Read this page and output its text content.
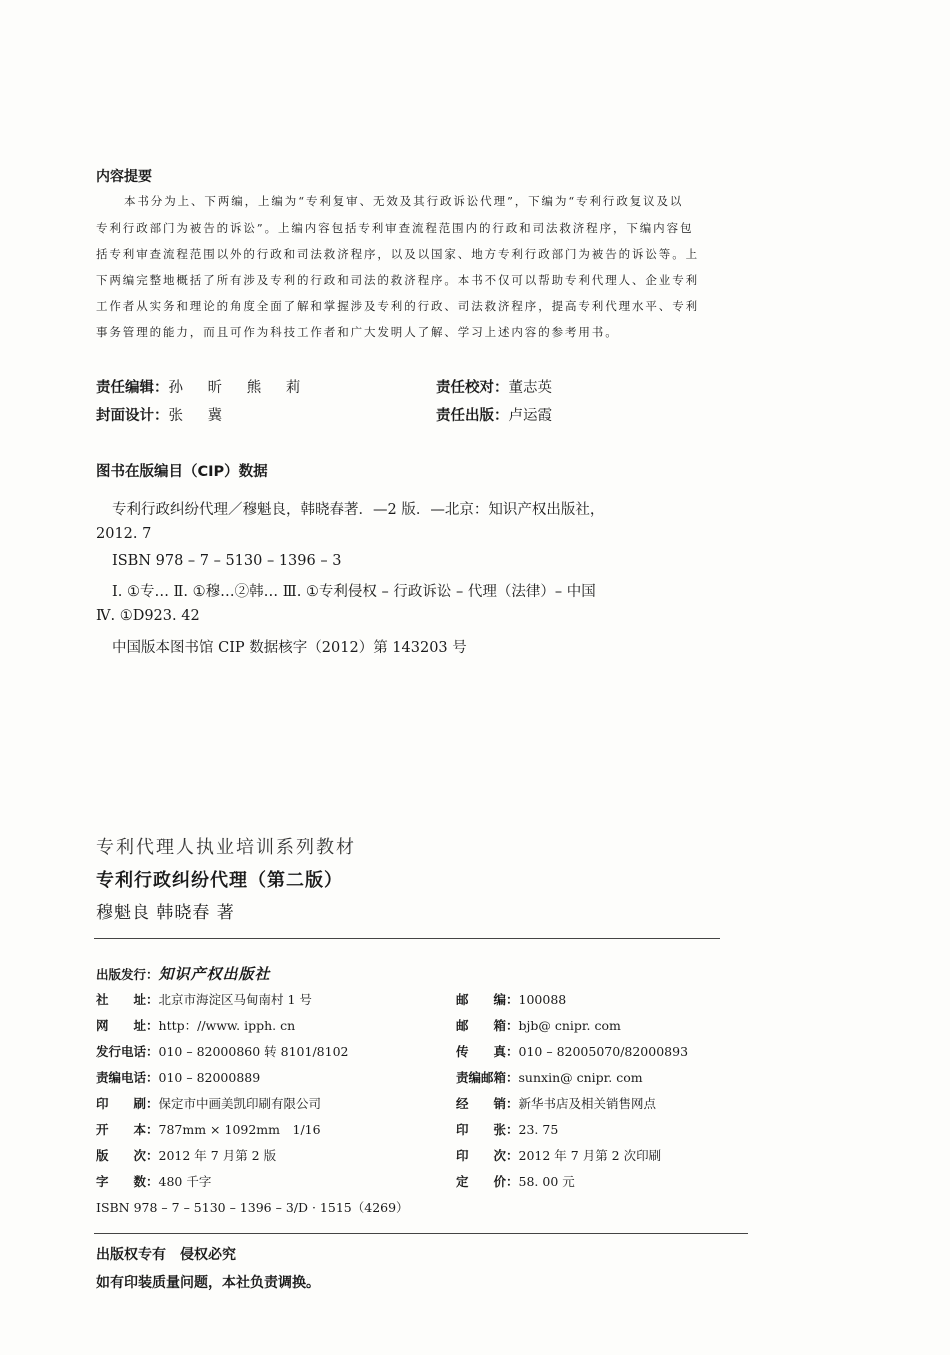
内容提要
本书分为上、下两编，上编为“专利复审、无效及其行政诉讼代理”，下编为“专利行政复议及以
专利行政部门为被告的诉讼”。上编内容包括专利审查流程范围内的行政和司法救济程序，下编内容包
括专利审查流程范围以外的行政和司法救济程序，以及以国家、地方专利行政部门为被告的诉讼等。上
下两编完整地概括了所有涉及专利的行政和司法的救济程序。本书不仅可以帮助专利代理人、企业专利
工作者从实务和理论的角度全面了解和掌握涉及专利的行政、司法救济程序，提高专利代理水平、专利
事务管理的能力，而且可作为科技工作者和广大发明人了解、学习上述内容的参考用书。
责任编辑：孙 昕 熊 莉	责任校对：董志英
封面设计：张 冀	责任出版：卢运霞
图书在版编目（CIP）数据
专利行政纠纷代理／穆魁良，韩晓春著．—2 版．—北京：知识产权出版社，
2012. 7
ISBN 978 – 7 – 5130 – 1396 – 3
Ⅰ. ①专… Ⅱ. ①穆…②韩… Ⅲ. ①专利侵权 – 行政诉讼 – 代理（法律）– 中国
Ⅳ. ①D923. 42
中国版本图书馆 CIP 数据核字（2012）第 143203 号
专利代理人执业培训系列教材
专利行政纠纷代理（第二版）
穆魁良 韩晓春 著
出版发行：知识产权出版社
社　　址：北京市海淀区马甸南村 1 号	邮　　编：100088
网　　址：http：//www. ipph. cn	邮　　箱：bjb@ cnipr. com
发行电话：010 – 82000860 转 8101/8102	传　　真：010 – 82005070/82000893
责编电话：010 – 82000889	责编邮箱：sunxin@ cnipr. com
印　　刷：保定市中画美凯印刷有限公司	经　　销：新华书店及相关销售网点
开　　本：787mm × 1092mm　1/16	印　　张：23. 75
版　　次：2012 年 7 月第 2 版	印　　次：2012 年 7 月第 2 次印刷
字　　数：480 千字	定　　价：58. 00 元
ISBN 978 – 7 – 5130 – 1396 – 3/D · 1515（4269）
出版权专有　侵权必究
如有印装质量问题，本社负责调换。
